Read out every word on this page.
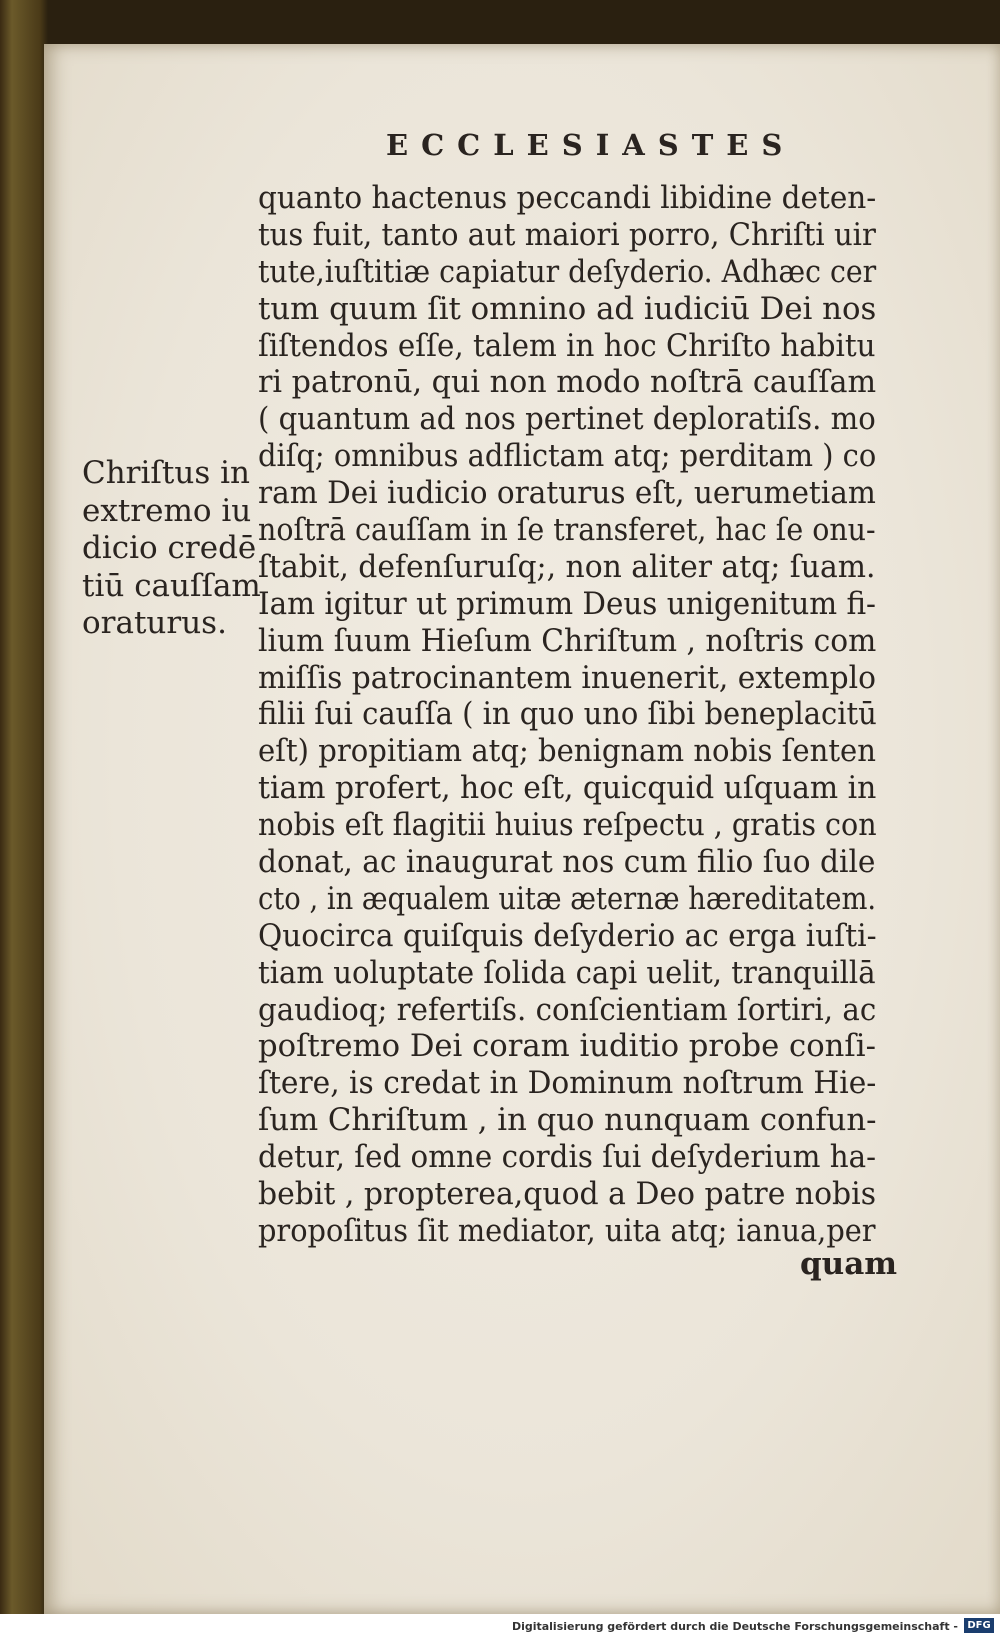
ECCLESIASTES
Chriſtus in
extremo iu
dicio credē
tiū cauſſam
oraturus.
quanto hactenus peccandi libidine deten-
tus fuit, tanto aut maiori porro, Chriſti uir
tute,iuſtitiæ capiatur deſyderio. Adhæc cer
tum quum ſit omnino ad iudiciū Dei nos
ſiſtendos eſſe, talem in hoc Chriſto habitu
ri patronū, qui non modo noſtrā cauſſam
( quantum ad nos pertinet deploratiſs. mo
diſq; omnibus adflictam atq; perditam ) co
ram Dei iudicio oraturus eſt, uerumetiam
noſtrā cauſſam in ſe transferet, hac ſe onu-
ſtabit, defenſuruſq;, non aliter atq; ſuam.
Iam igitur ut primum Deus unigenitum fi-
lium ſuum Hieſum Chriſtum , noſtris com
miſſis patrocinantem inuenerit, extemplo
filii ſui cauſſa ( in quo uno ſibi beneplacitū
eſt) propitiam atq; benignam nobis ſenten
tiam profert, hoc eſt, quicquid uſquam in
nobis eſt flagitii huius reſpectu , gratis con
donat, ac inaugurat nos cum filio ſuo dile
cto , in æqualem uitæ æternæ hæreditatem.
Quocirca quiſquis deſyderio ac erga iuſti-
tiam uoluptate ſolida capi uelit, tranquillā
gaudioq; refertiſs. conſcientiam ſortiri, ac
poſtremo Dei coram iuditio probe conſi-
ſtere, is credat in Dominum noſtrum Hie-
ſum Chriſtum , in quo nunquam confun-
detur, ſed omne cordis ſui deſyderium ha-
bebit , propterea,quod a Deo patre nobis
propoſitus ſit mediator, uita atq; ianua,per
quam
Digitalisierung gefördert durch die Deutsche Forschungsgemeinschaft - DFG
